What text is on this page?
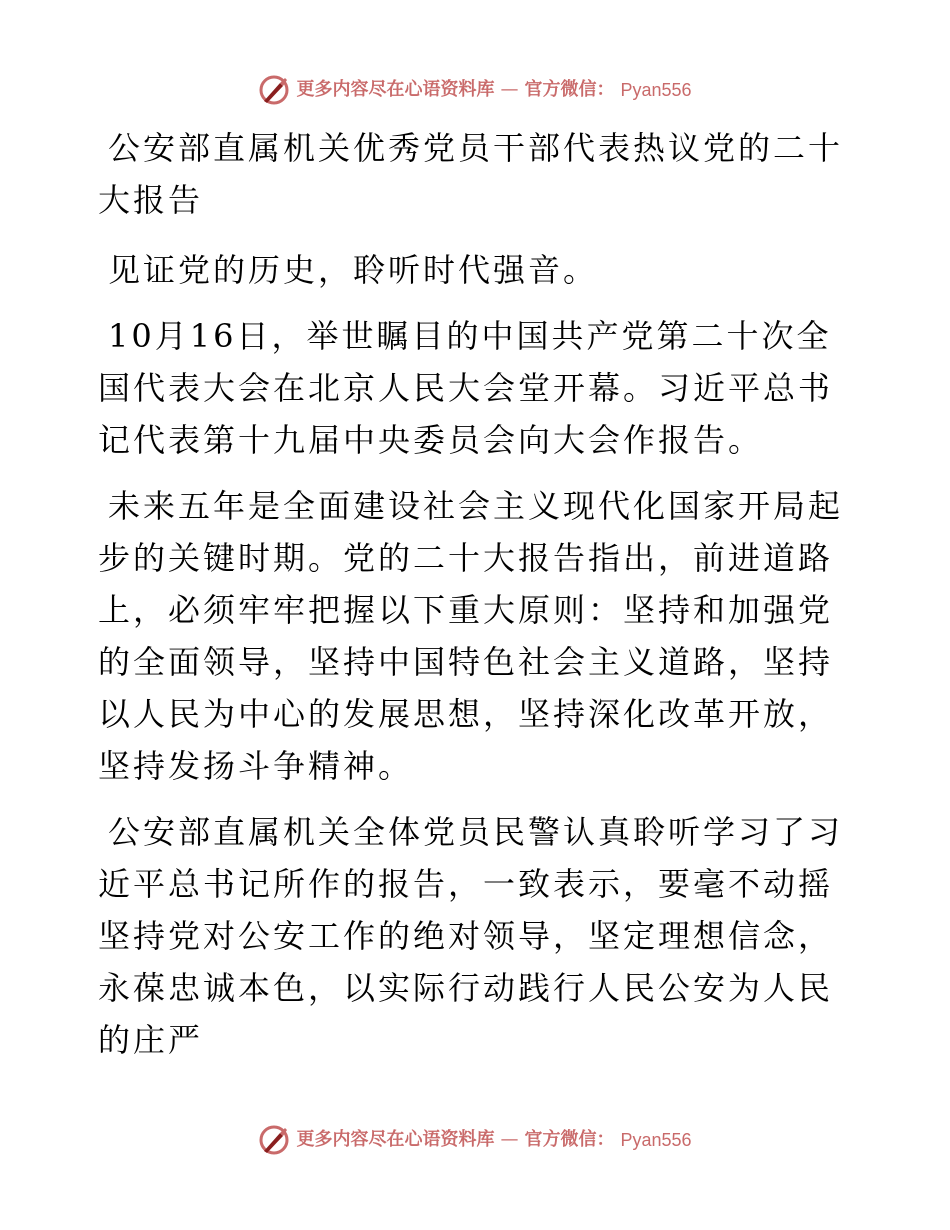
更多内容尽在心语资料库 — 官方微信： Pyan556

公安部直属机关优秀党员干部代表热议党的二十大报告

见证党的历史，聆听时代强音。

10月16日，举世瞩目的中国共产党第二十次全国代表大会在北京人民大会堂开幕。习近平总书记代表第十九届中央委员会向大会作报告。

未来五年是全面建设社会主义现代化国家开局起步的关键时期。党的二十大报告指出，前进道路上，必须牢牢把握以下重大原则：坚持和加强党的全面领导，坚持中国特色社会主义道路，坚持以人民为中心的发展思想，坚持深化改革开放，坚持发扬斗争精神。

公安部直属机关全体党员民警认真聆听学习了习近平总书记所作的报告，一致表示，要毫不动摇坚持党对公安工作的绝对领导，坚定理想信念，永葆忠诚本色，以实际行动践行人民公安为人民的庄严

更多内容尽在心语资料库 — 官方微信： Pyan556
